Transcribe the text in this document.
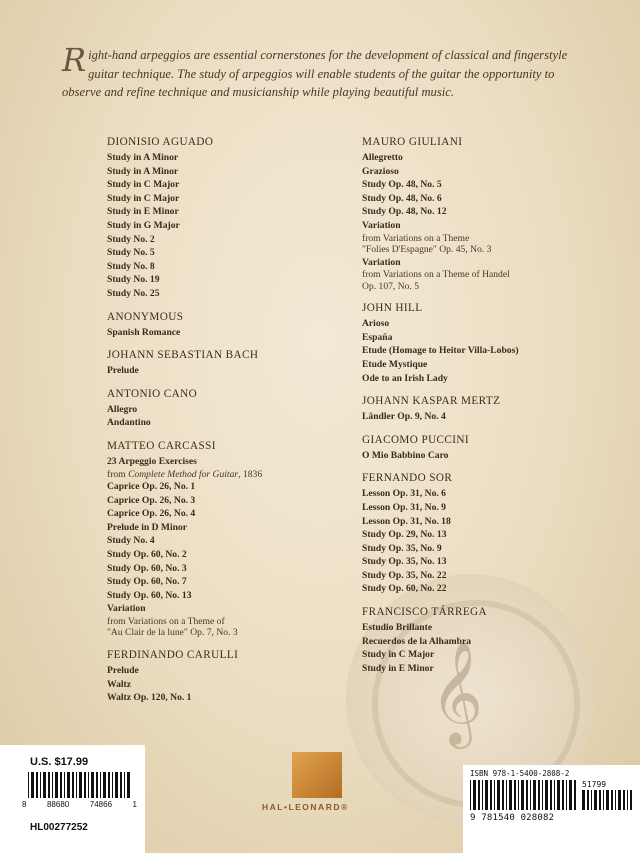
𝄞
Right-hand arpeggios are essential cornerstones for the development of classical and fingerstyle guitar technique. The study of arpeggios will enable students of the guitar the opportunity to observe and refine technique and musicianship while playing beautiful music.
DIONISIO AGUADO
Study in A Minor
Study in A Minor
Study in C Major
Study in C Major
Study in E Minor
Study in G Major
Study No. 2
Study No. 5
Study No. 8
Study No. 19
Study No. 25
ANONYMOUS
Spanish Romance
JOHANN SEBASTIAN BACH
Prelude
ANTONIO CANO
Allegro
Andantino
MATTEO CARCASSI
23 Arpeggio Exercises
from Complete Method for Guitar, 1836
Caprice Op. 26, No. 1
Caprice Op. 26, No. 3
Caprice Op. 26, No. 4
Prelude in D Minor
Study No. 4
Study Op. 60, No. 2
Study Op. 60, No. 3
Study Op. 60, No. 7
Study Op. 60, No. 13
Variation
from Variations on a Theme of
"Au Clair de la lune" Op. 7, No. 3
FERDINANDO CARULLI
Prelude
Waltz
Waltz Op. 120, No. 1
MAURO GIULIANI
Allegretto
Grazioso
Study Op. 48, No. 5
Study Op. 48, No. 6
Study Op. 48, No. 12
Variation
from Variations on a Theme
"Folies D'Espagne" Op. 45, No. 3
Variation
from Variations on a Theme of Handel
Op. 107, No. 5
JOHN HILL
Arioso
España
Etude (Homage to Heitor Villa-Lobos)
Etude Mystique
Ode to an Irish Lady
JOHANN KASPAR MERTZ
Ländler Op. 9, No. 4
GIACOMO PUCCINI
O Mio Babbino Caro
FERNANDO SOR
Lesson Op. 31, No. 6
Lesson Op. 31, No. 9
Lesson Op. 31, No. 18
Study Op. 29, No. 13
Study Op. 35, No. 9
Study Op. 35, No. 13
Study Op. 35, No. 22
Study Op. 60, No. 22
FRANCISCO TÁRREGA
Estudio Brillante
Recuerdos de la Alhambra
Study in C Major
Study in E Minor
U.S. $17.99
8	88680	74866	1
HL00277252
HAL•LEONARD®
ISBN 978-1-5400-2808-2
51799
9 781540 028082
